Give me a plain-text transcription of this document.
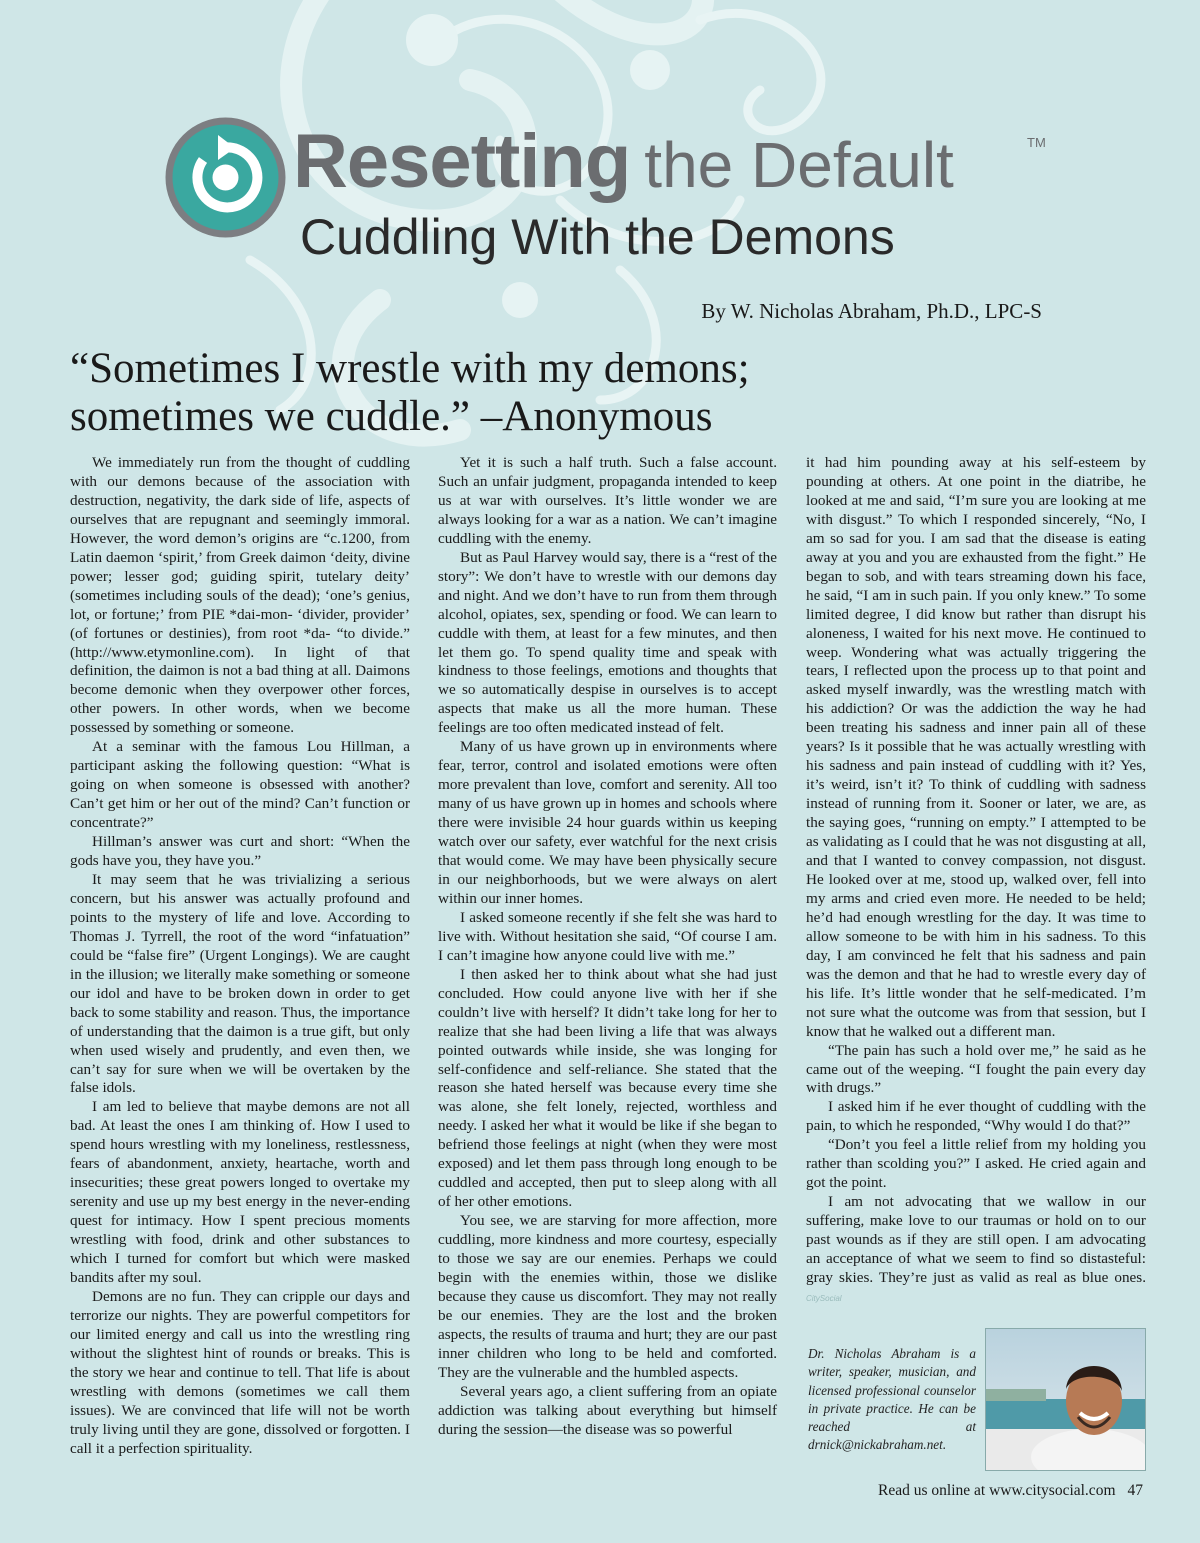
Resetting the Default	TM
Cuddling With the Demons
By W. Nicholas Abraham, Ph.D., LPC-S
“Sometimes I wrestle with my demons;
sometimes we cuddle.” –Anonymous

We immediately run from the thought of cuddling with our demons because of the association with destruction, negativity, the dark side of life, aspects of ourselves that are repugnant and seemingly immoral. However, the word demon’s origins are “c.1200, from Latin daemon ‘spirit,’ from Greek daimon ‘deity, divine power; lesser god; guiding spirit, tutelary deity’ (sometimes including souls of the dead); ‘one’s genius, lot, or fortune;’ from PIE *dai-mon- ‘divider, provider’ (of fortunes or destinies), from root *da- “to divide.” (http://www.etymonline.com). In light of that definition, the daimon is not a bad thing at all. Daimons become demonic when they overpower other forces, other powers. In other words, when we become possessed by something or someone.

At a seminar with the famous Lou Hillman, a participant asking the following question: “What is going on when someone is obsessed with another? Can’t get him or her out of the mind? Can’t function or concentrate?”

Hillman’s answer was curt and short: “When the gods have you, they have you.”

It may seem that he was trivializing a serious concern, but his answer was actually profound and points to the mystery of life and love. According to Thomas J. Tyrrell, the root of the word “infatuation” could be “false fire” (Urgent Longings). We are caught in the illusion; we literally make something or someone our idol and have to be broken down in order to get back to some stability and reason. Thus, the importance of understanding that the daimon is a true gift, but only when used wisely and prudently, and even then, we can’t say for sure when we will be overtaken by the false idols.

I am led to believe that maybe demons are not all bad. At least the ones I am thinking of. How I used to spend hours wrestling with my loneliness, restlessness, fears of abandonment, anxiety, heartache, worth and insecurities; these great powers longed to overtake my serenity and use up my best energy in the never-ending quest for intimacy. How I spent precious moments wrestling with food, drink and other substances to which I turned for comfort but which were masked bandits after my soul.

Demons are no fun. They can cripple our days and terrorize our nights. They are powerful competitors for our limited energy and call us into the wrestling ring without the slightest hint of rounds or breaks. This is the story we hear and continue to tell. That life is about wrestling with demons (sometimes we call them issues). We are convinced that life will not be worth truly living until they are gone, dissolved or forgotten. I call it a perfection spirituality.

Yet it is such a half truth. Such a false account. Such an unfair judgment, propaganda intended to keep us at war with ourselves. It’s little wonder we are always looking for a war as a nation. We can’t imagine cuddling with the enemy.

But as Paul Harvey would say, there is a “rest of the story”: We don’t have to wrestle with our demons day and night. And we don’t have to run from them through alcohol, opiates, sex, spending or food. We can learn to cuddle with them, at least for a few minutes, and then let them go. To spend quality time and speak with kindness to those feelings, emotions and thoughts that we so automatically despise in ourselves is to accept aspects that make us all the more human. These feelings are too often medicated instead of felt.

Many of us have grown up in environments where fear, terror, control and isolated emotions were often more prevalent than love, comfort and serenity. All too many of us have grown up in homes and schools where there were invisible 24 hour guards within us keeping watch over our safety, ever watchful for the next crisis that would come. We may have been physically secure in our neighborhoods, but we were always on alert within our inner homes.

I asked someone recently if she felt she was hard to live with. Without hesitation she said, “Of course I am. I can’t imagine how anyone could live with me.”

I then asked her to think about what she had just concluded. How could anyone live with her if she couldn’t live with herself? It didn’t take long for her to realize that she had been living a life that was always pointed outwards while inside, she was longing for self-confidence and self-reliance. She stated that the reason she hated herself was because every time she was alone, she felt lonely, rejected, worthless and needy. I asked her what it would be like if she began to befriend those feelings at night (when they were most exposed) and let them pass through long enough to be cuddled and accepted, then put to sleep along with all of her other emotions.

You see, we are starving for more affection, more cuddling, more kindness and more courtesy, especially to those we say are our enemies. Perhaps we could begin with the enemies within, those we dislike because they cause us discomfort. They may not really be our enemies. They are the lost and the broken aspects, the results of trauma and hurt; they are our past inner children who long to be held and comforted. They are the vulnerable and the humbled aspects.

Several years ago, a client suffering from an opiate addiction was talking about everything but himself during the session—the disease was so powerful

it had him pounding away at his self-esteem by pounding at others. At one point in the diatribe, he looked at me and said, “I’m sure you are looking at me with disgust.” To which I responded sincerely, “No, I am so sad for you. I am sad that the disease is eating away at you and you are exhausted from the fight.” He began to sob, and with tears streaming down his face, he said, “I am in such pain. If you only knew.” To some limited degree, I did know but rather than disrupt his aloneness, I waited for his next move. He continued to weep. Wondering what was actually triggering the tears, I reflected upon the process up to that point and asked myself inwardly, was the wrestling match with his addiction? Or was the addiction the way he had been treating his sadness and inner pain all of these years? Is it possible that he was actually wrestling with his sadness and pain instead of cuddling with it? Yes, it’s weird, isn’t it? To think of cuddling with sadness instead of running from it. Sooner or later, we are, as the saying goes, “running on empty.” I attempted to be as validating as I could that he was not disgusting at all, and that I wanted to convey compassion, not disgust. He looked over at me, stood up, walked over, fell into my arms and cried even more. He needed to be held; he’d had enough wrestling for the day. It was time to allow someone to be with him in his sadness. To this day, I am convinced he felt that his sadness and pain was the demon and that he had to wrestle every day of his life. It’s little wonder that he self-medicated. I’m not sure what the outcome was from that session, but I know that he walked out a different man.

“The pain has such a hold over me,” he said as he came out of the weeping. “I fought the pain every day with drugs.”

I asked him if he ever thought of cuddling with the pain, to which he responded, “Why would I do that?”

“Don’t you feel a little relief from my holding you rather than scolding you?” I asked. He cried again and got the point.

I am not advocating that we wallow in our suffering, make love to our traumas or hold on to our past wounds as if they are still open. I am advocating an acceptance of what we seem to find so distasteful: gray skies. They’re just as valid as real as blue ones. CitySocial

Dr. Nicholas Abraham is a writer, speaker, musician, and licensed professional counselor in private practice. He can be reached at drnick@nickabraham.net.
Read us online at www.citysocial.com 47
